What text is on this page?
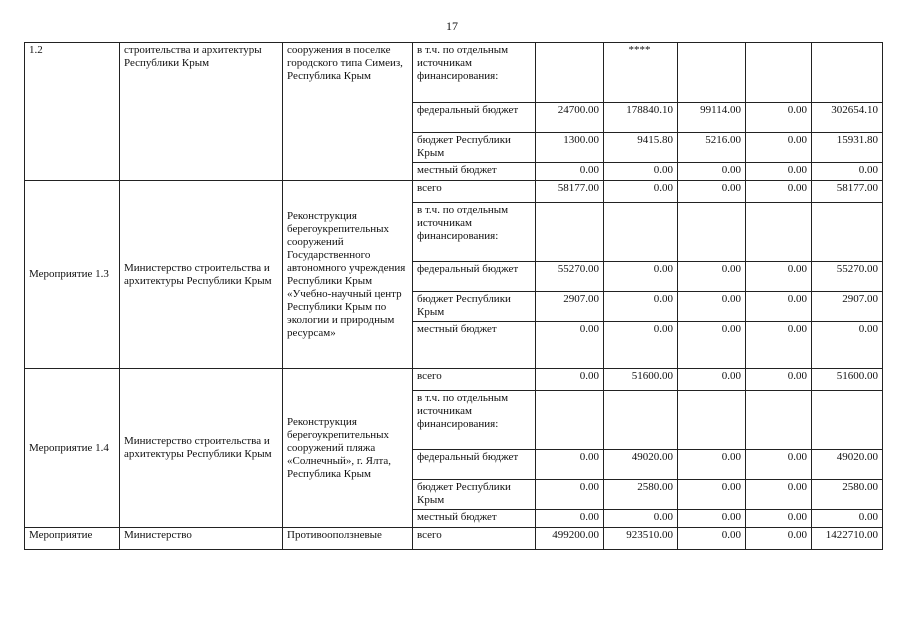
17
1.2	строительства и архитектуры Республики Крым	сооружения в поселке городского типа Симеиз, Республика Крым	в т.ч. по отдельным источникам финансирования:		****			
			федеральный бюджет	24700.00	178840.10	99114.00	0.00	302654.10
			бюджет Республики Крым	1300.00	9415.80	5216.00	0.00	15931.80
			местный бюджет	0.00	0.00	0.00	0.00	0.00
Мероприятие 1.3	Министерство строительства и архитектуры Республики Крым	Реконструкция берегоукрепительных сооружений Государственного автономного учреждения Республики Крым «Учебно-научный центр Республики Крым по экологии и природным ресурсам»	всего	58177.00	0.00	0.00	0.00	58177.00
			в т.ч. по отдельным источникам финансирования:					
			федеральный бюджет	55270.00	0.00	0.00	0.00	55270.00
			бюджет Республики Крым	2907.00	0.00	0.00	0.00	2907.00
			местный бюджет	0.00	0.00	0.00	0.00	0.00
Мероприятие 1.4	Министерство строительства и архитектуры Республики Крым	Реконструкция берегоукрепительных сооружений пляжа «Солнечный», г. Ялта, Республика Крым	всего	0.00	51600.00	0.00	0.00	51600.00
			в т.ч. по отдельным источникам финансирования:					
			федеральный бюджет	0.00	49020.00	0.00	0.00	49020.00
			бюджет Республики Крым	0.00	2580.00	0.00	0.00	2580.00
			местный бюджет	0.00	0.00	0.00	0.00	0.00
Мероприятие	Министерство	Противооползневые	всего	499200.00	923510.00	0.00	0.00	1422710.00
